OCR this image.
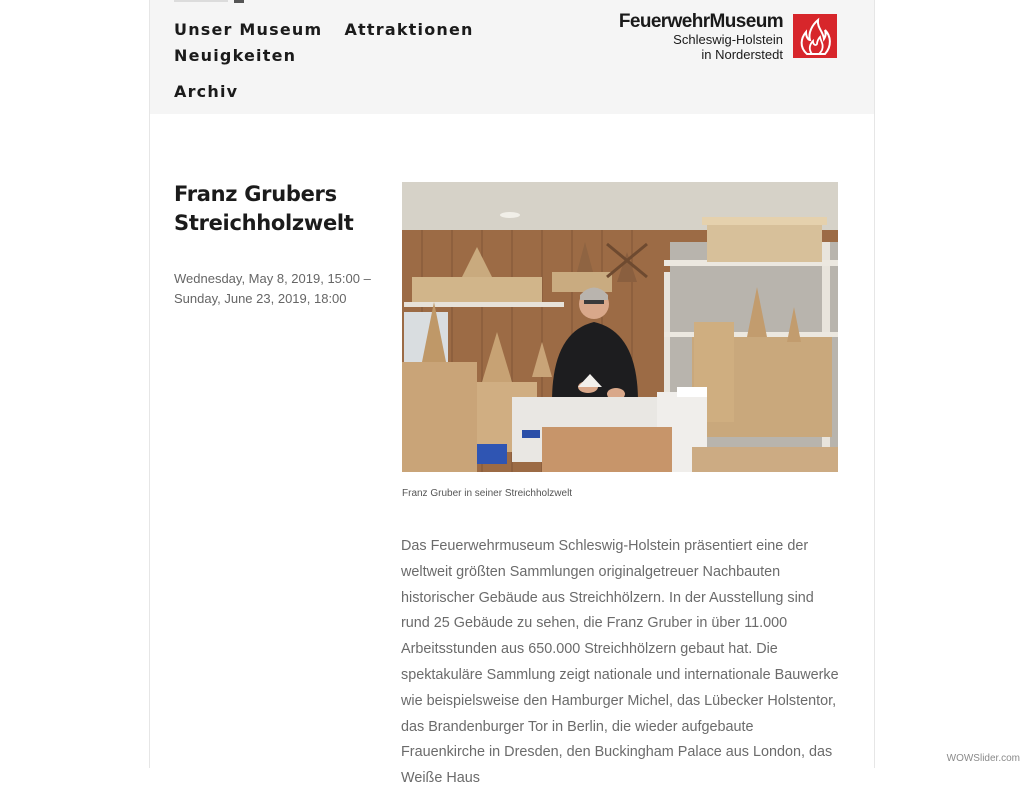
Unser Museum Attraktionen Neuigkeiten
Archiv
FeuerwehrMuseum
Schleswig-Holstein
in Norderstedt
Franz Grubers Streichholzwelt
Wednesday, May 8, 2019, 15:00 – Sunday, June 23, 2019, 18:00
Franz Gruber in seiner Streichholzwelt
Das Feuerwehrmuseum Schleswig-Holstein präsentiert eine der weltweit größten Sammlungen originalgetreuer Nachbauten historischer Gebäude aus Streichhölzern. In der Ausstellung sind rund 25 Gebäude zu sehen, die Franz Gruber in über 11.000 Arbeitsstunden aus 650.000 Streichhölzern gebaut hat. Die spektakuläre Sammlung zeigt nationale und internationale Bauwerke wie beispielsweise den Hamburger Michel, das Lübecker Holstentor, das Brandenburger Tor in Berlin, die wieder aufgebaute Frauenkirche in Dresden, den Buckingham Palace aus London, das Weiße Haus
WOWSlider.com
